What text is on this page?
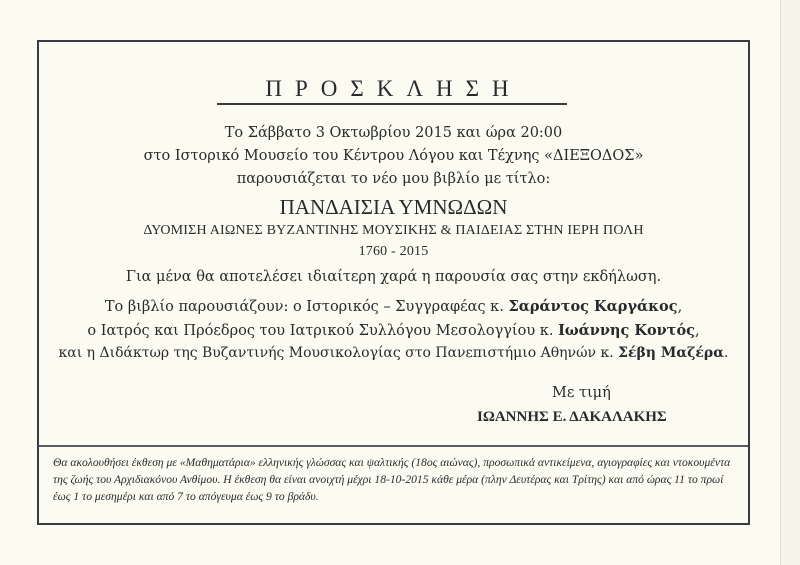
ΠΡΟΣΚΛΗΣΗ
Το Σάββατο 3 Οκτωβρίου 2015 και ώρα 20:00
στο Ιστορικό Μουσείο του Κέντρου Λόγου και Τέχνης «ΔΙΕΞΟΔΟΣ»
παρουσιάζεται το νέο μου βιβλίο με τίτλο:
ΠΑΝΔΑΙΣΙΑ ΥΜΝΩΔΩΝ
ΔΥΟΜΙΣΗ ΑΙΩΝΕΣ ΒΥΖΑΝΤΙΝΗΣ ΜΟΥΣΙΚΗΣ & ΠΑΙΔΕΙΑΣ ΣΤΗΝ ΙΕΡΗ ΠΟΛΗ
1760 - 2015
Για μένα θα αποτελέσει ιδιαίτερη χαρά η παρουσία σας στην εκδήλωση.
Το βιβλίο παρουσιάζουν: ο Ιστορικός – Συγγραφέας κ. Σαράντος Καργάκος,
ο Ιατρός και Πρόεδρος του Ιατρικού Συλλόγου Μεσολογγίου κ. Ιωάννης Κοντός,
και η Διδάκτωρ της Βυζαντινής Μουσικολογίας στο Πανεπιστήμιο Αθηνών κ. Σέβη Μαζέρα.
Με τιμή
ΙΩΑΝΝΗΣ Ε. ΔΑΚΑΛΑΚΗΣ
Θα ακολουθήσει έκθεση με «Μαθηματάρια» ελληνικής γλώσσας και ψαλτικής (18ος αιώνας), προσωπικά αντικείμενα, αγιογραφίες και ντοκουμέντα της ζωής του Αρχιδιακόνου Ανθίμου. Η έκθεση θα είναι ανοιχτή μέχρι 18-10-2015 κάθε μέρα (πλην Δευτέρας και Τρίτης) και από ώρας 11 το πρωί έως 1 το μεσημέρι και από 7 το απόγευμα έως 9 το βράδυ.
